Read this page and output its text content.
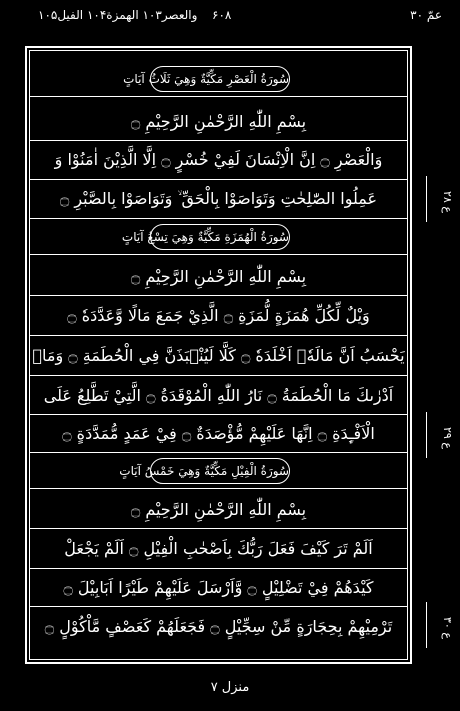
عمّ ٣٠
۶۰۸
والعصر۱۰۳ الهمزة۱۰۴ الفيل۱۰۵
سُورَةُ الْعَصْرِ مَكِّيَّةٌ وَهِيَ ثَلَاثُ آيَاتٍ
بِسْمِ اللّٰهِ الرَّحْمٰنِ الرَّحِيْمِ ۝
وَالْعَصْرِ ۝ اِنَّ الْاِنْسَانَ لَفِيْ خُسْرٍ ۝ اِلَّا الَّذِيْنَ اٰمَنُوْا وَ
عَمِلُوا الصّٰلِحٰتِ وَتَوَاصَوْا بِالْحَقِّ ۙ وَتَوَاصَوْا بِالصَّبْرِ ۝
سُورَةُ الْهُمَزَةِ مَكِّيَّةٌ وَهِيَ تِسْعُ آيَاتٍ
بِسْمِ اللّٰهِ الرَّحْمٰنِ الرَّحِيْمِ ۝
وَيْلٌ لِّكُلِّ هُمَزَةٍ لُّمَزَةِ ۝ الَّذِيْ جَمَعَ مَالًا وَّعَدَّدَهٗ ۝
يَحْسَبُ اَنَّ مَالَهٗۤ اَخْلَدَهٗ ۝ كَلَّا لَيُنْۢبَذَنَّ فِي الْحُطَمَةِ ۝ وَمَاۤ
اَدْرٰىكَ مَا الْحُطَمَةُ ۝ نَارُ اللّٰهِ الْمُوْقَدَةُ ۝ الَّتِيْ تَطَّلِعُ عَلَى
الْاَفْـِٕدَةِ ۝ اِنَّهَا عَلَيْهِمْ مُّؤْصَدَةٌ ۝ فِيْ عَمَدٍ مُّمَدَّدَةٍ ۝
سُورَةُ الْفِيْلِ مَكِّيَّةٌ وَهِيَ خَمْسُ آيَاتٍ
بِسْمِ اللّٰهِ الرَّحْمٰنِ الرَّحِيْمِ ۝
اَلَمْ تَرَ كَيْفَ فَعَلَ رَبُّكَ بِاَصْحٰبِ الْفِيْلِ ۝ اَلَمْ يَجْعَلْ
كَيْدَهُمْ فِيْ تَضْلِيْلٍ ۝ وَّاَرْسَلَ عَلَيْهِمْ طَيْرًا اَبَابِيْلَ ۝
تَرْمِيْهِمْ بِحِجَارَةٍ مِّنْ سِجِّيْلٍ ۝ فَجَعَلَهُمْ كَعَصْفٍ مَّاْكُوْلٍ ۝
ع ۲۸
ع ۲۹
ع ۳۰
منزل ۷
